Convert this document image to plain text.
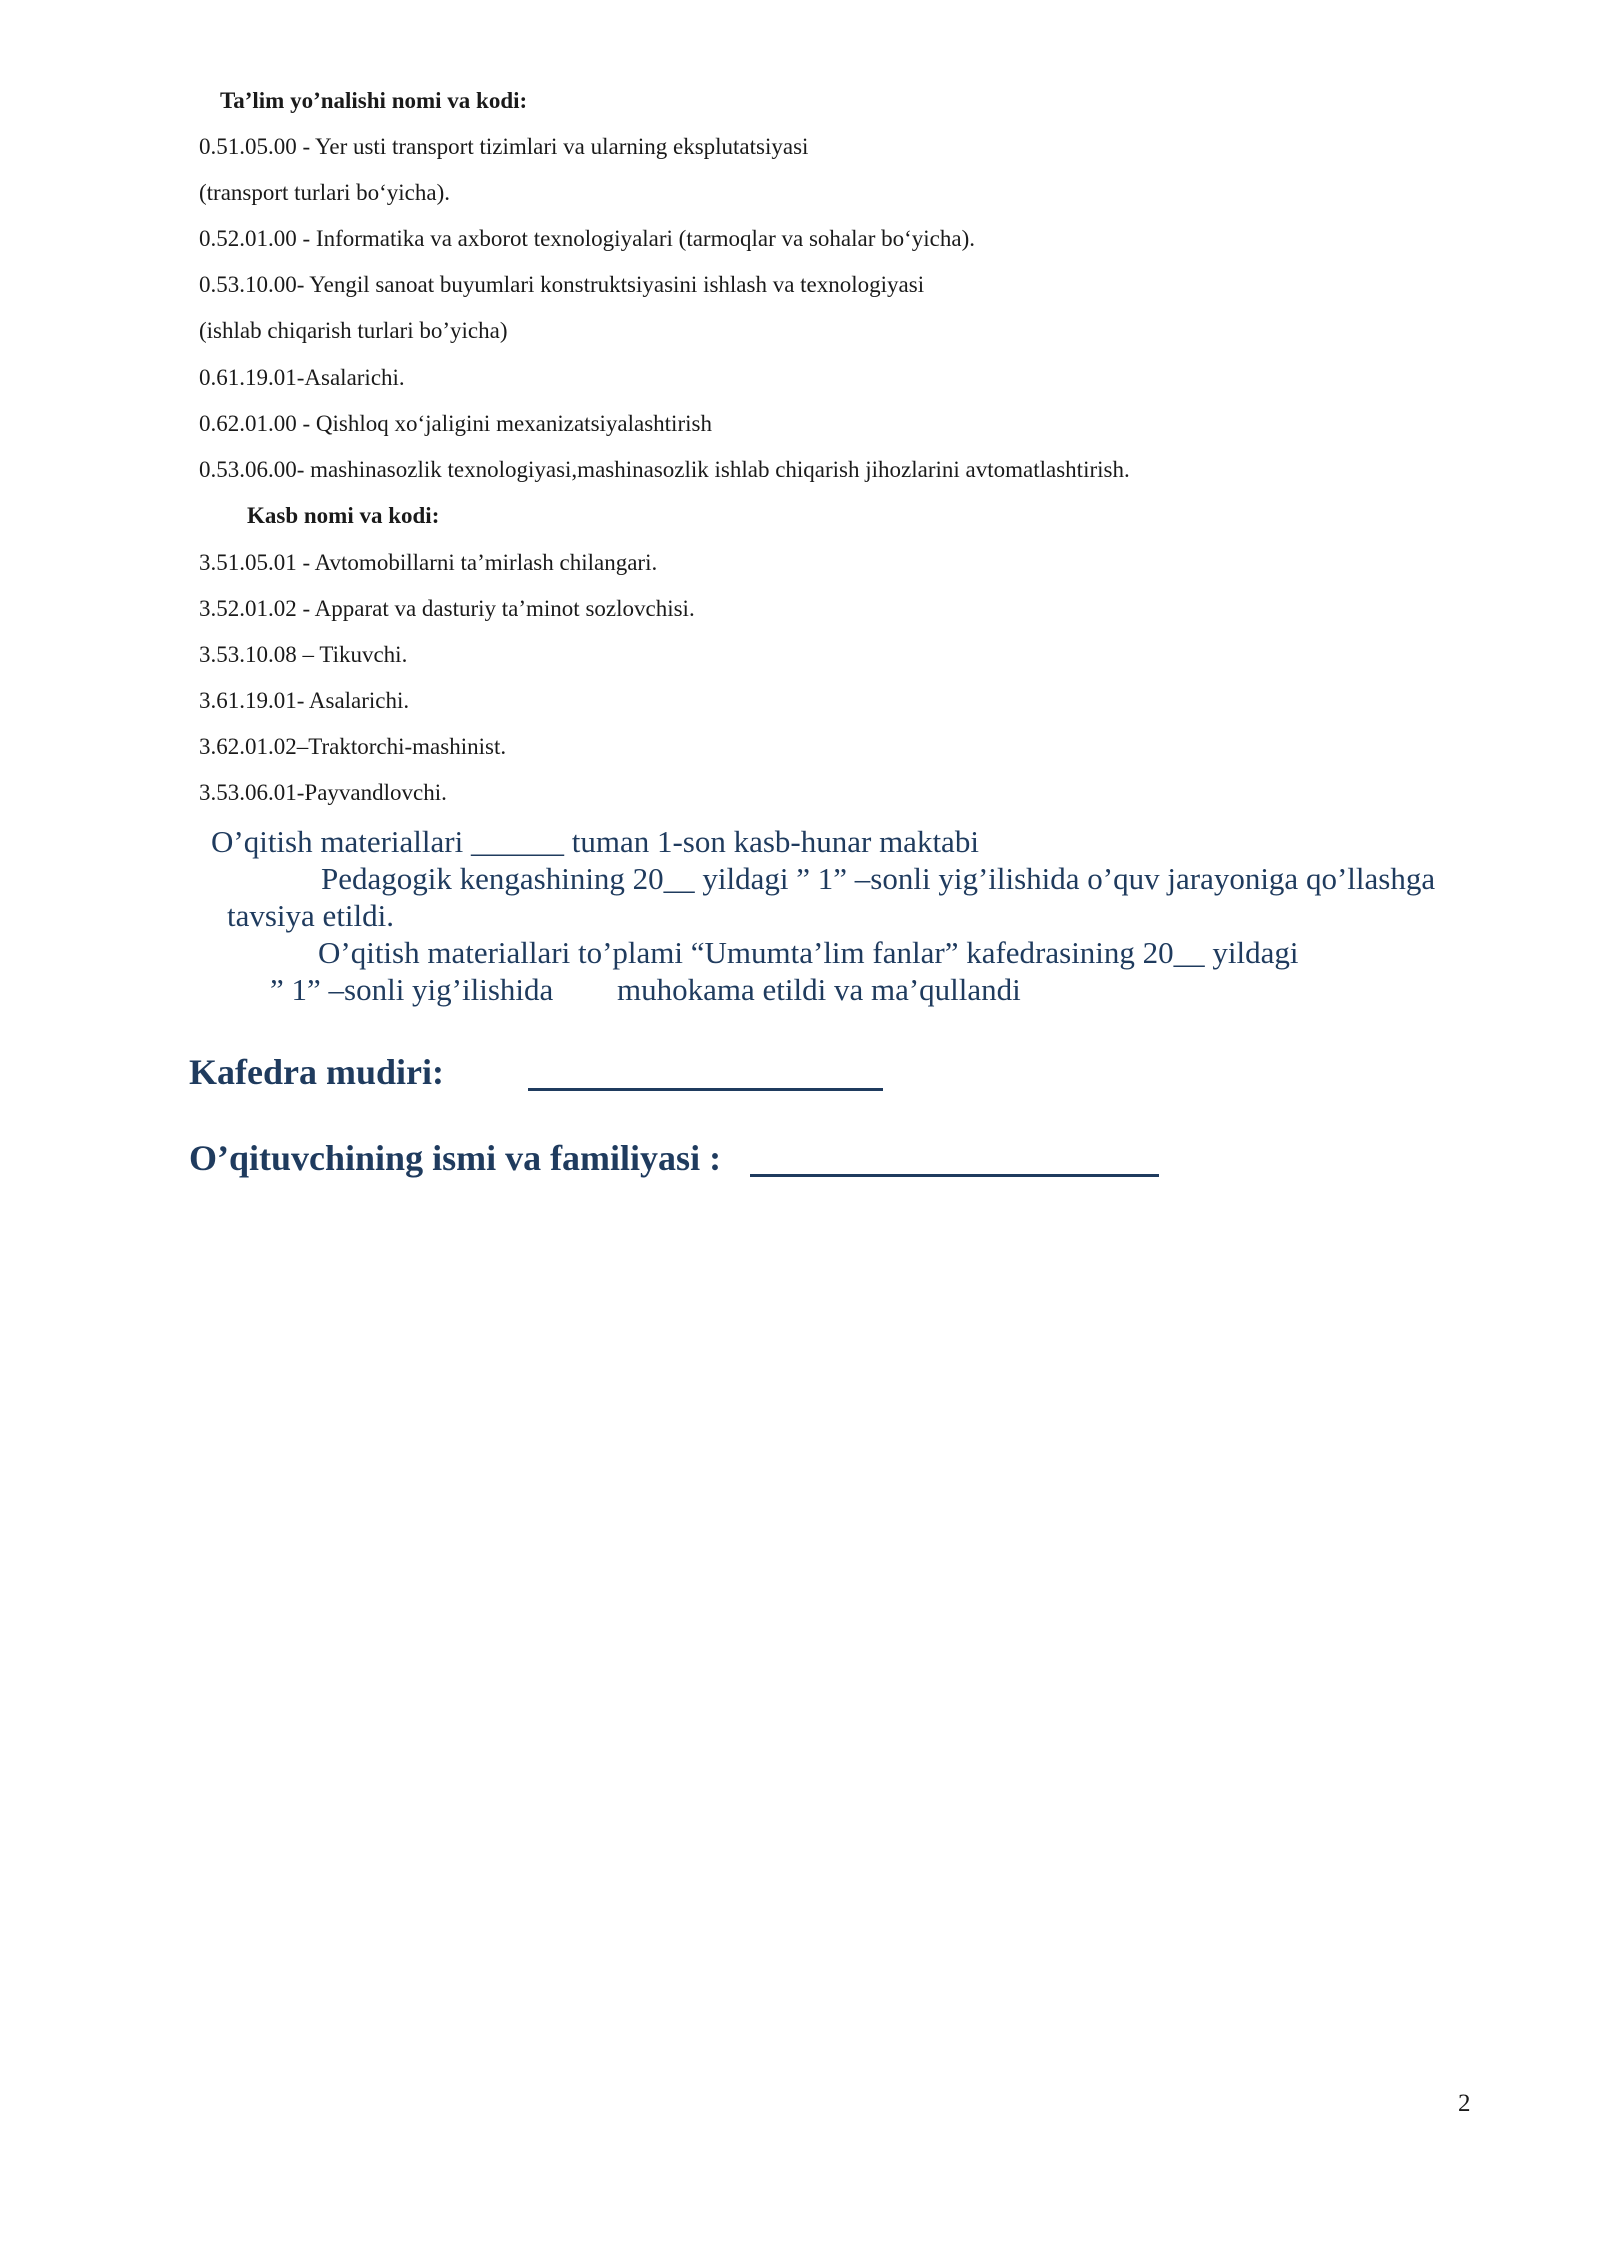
Ta’lim yo’nalishi nomi va kodi:
0.51.05.00 - Yer usti transport tizimlari va ularning eksplutatsiyasi
(transport turlari bo‘yicha).
0.52.01.00 - Informatika va axborot texnologiyalari (tarmoqlar va sohalar bo‘yicha).
0.53.10.00- Yengil sanoat buyumlari konstruktsiyasini ishlash va texnologiyasi
(ishlab chiqarish turlari bo’yicha)
0.61.19.01-Asalarichi.
0.62.01.00 - Qishloq xo‘jaligini mexanizatsiyalashtirish
0.53.06.00- mashinasozlik texnologiyasi,mashinasozlik ishlab chiqarish jihozlarini avtomatlashtirish.
Kasb nomi va kodi:
3.51.05.01 - Avtomobillarni ta’mirlash chilangari.
3.52.01.02 - Apparat va dasturiy ta’minot sozlovchisi.
3.53.10.08 – Tikuvchi.
3.61.19.01- Asalarichi.
3.62.01.02–Traktorchi-mashinist.
3.53.06.01-Payvandlovchi.
O’qitish materiallari ______ tuman 1-son kasb-hunar maktabi
Pedagogik kengashining 20__ yildagi ” 1” –sonli yig’ilishida o’quv jarayoniga qo’llashga
tavsiya etildi.
O’qitish materiallari to’plami “Umumta’lim fanlar” kafedrasining 20__ yildagi
” 1” –sonli yig’ilishida muhokama etildi va ma’qullandi
Kafedra mudiri:
O’qituvchining ismi va familiyasi :
2
